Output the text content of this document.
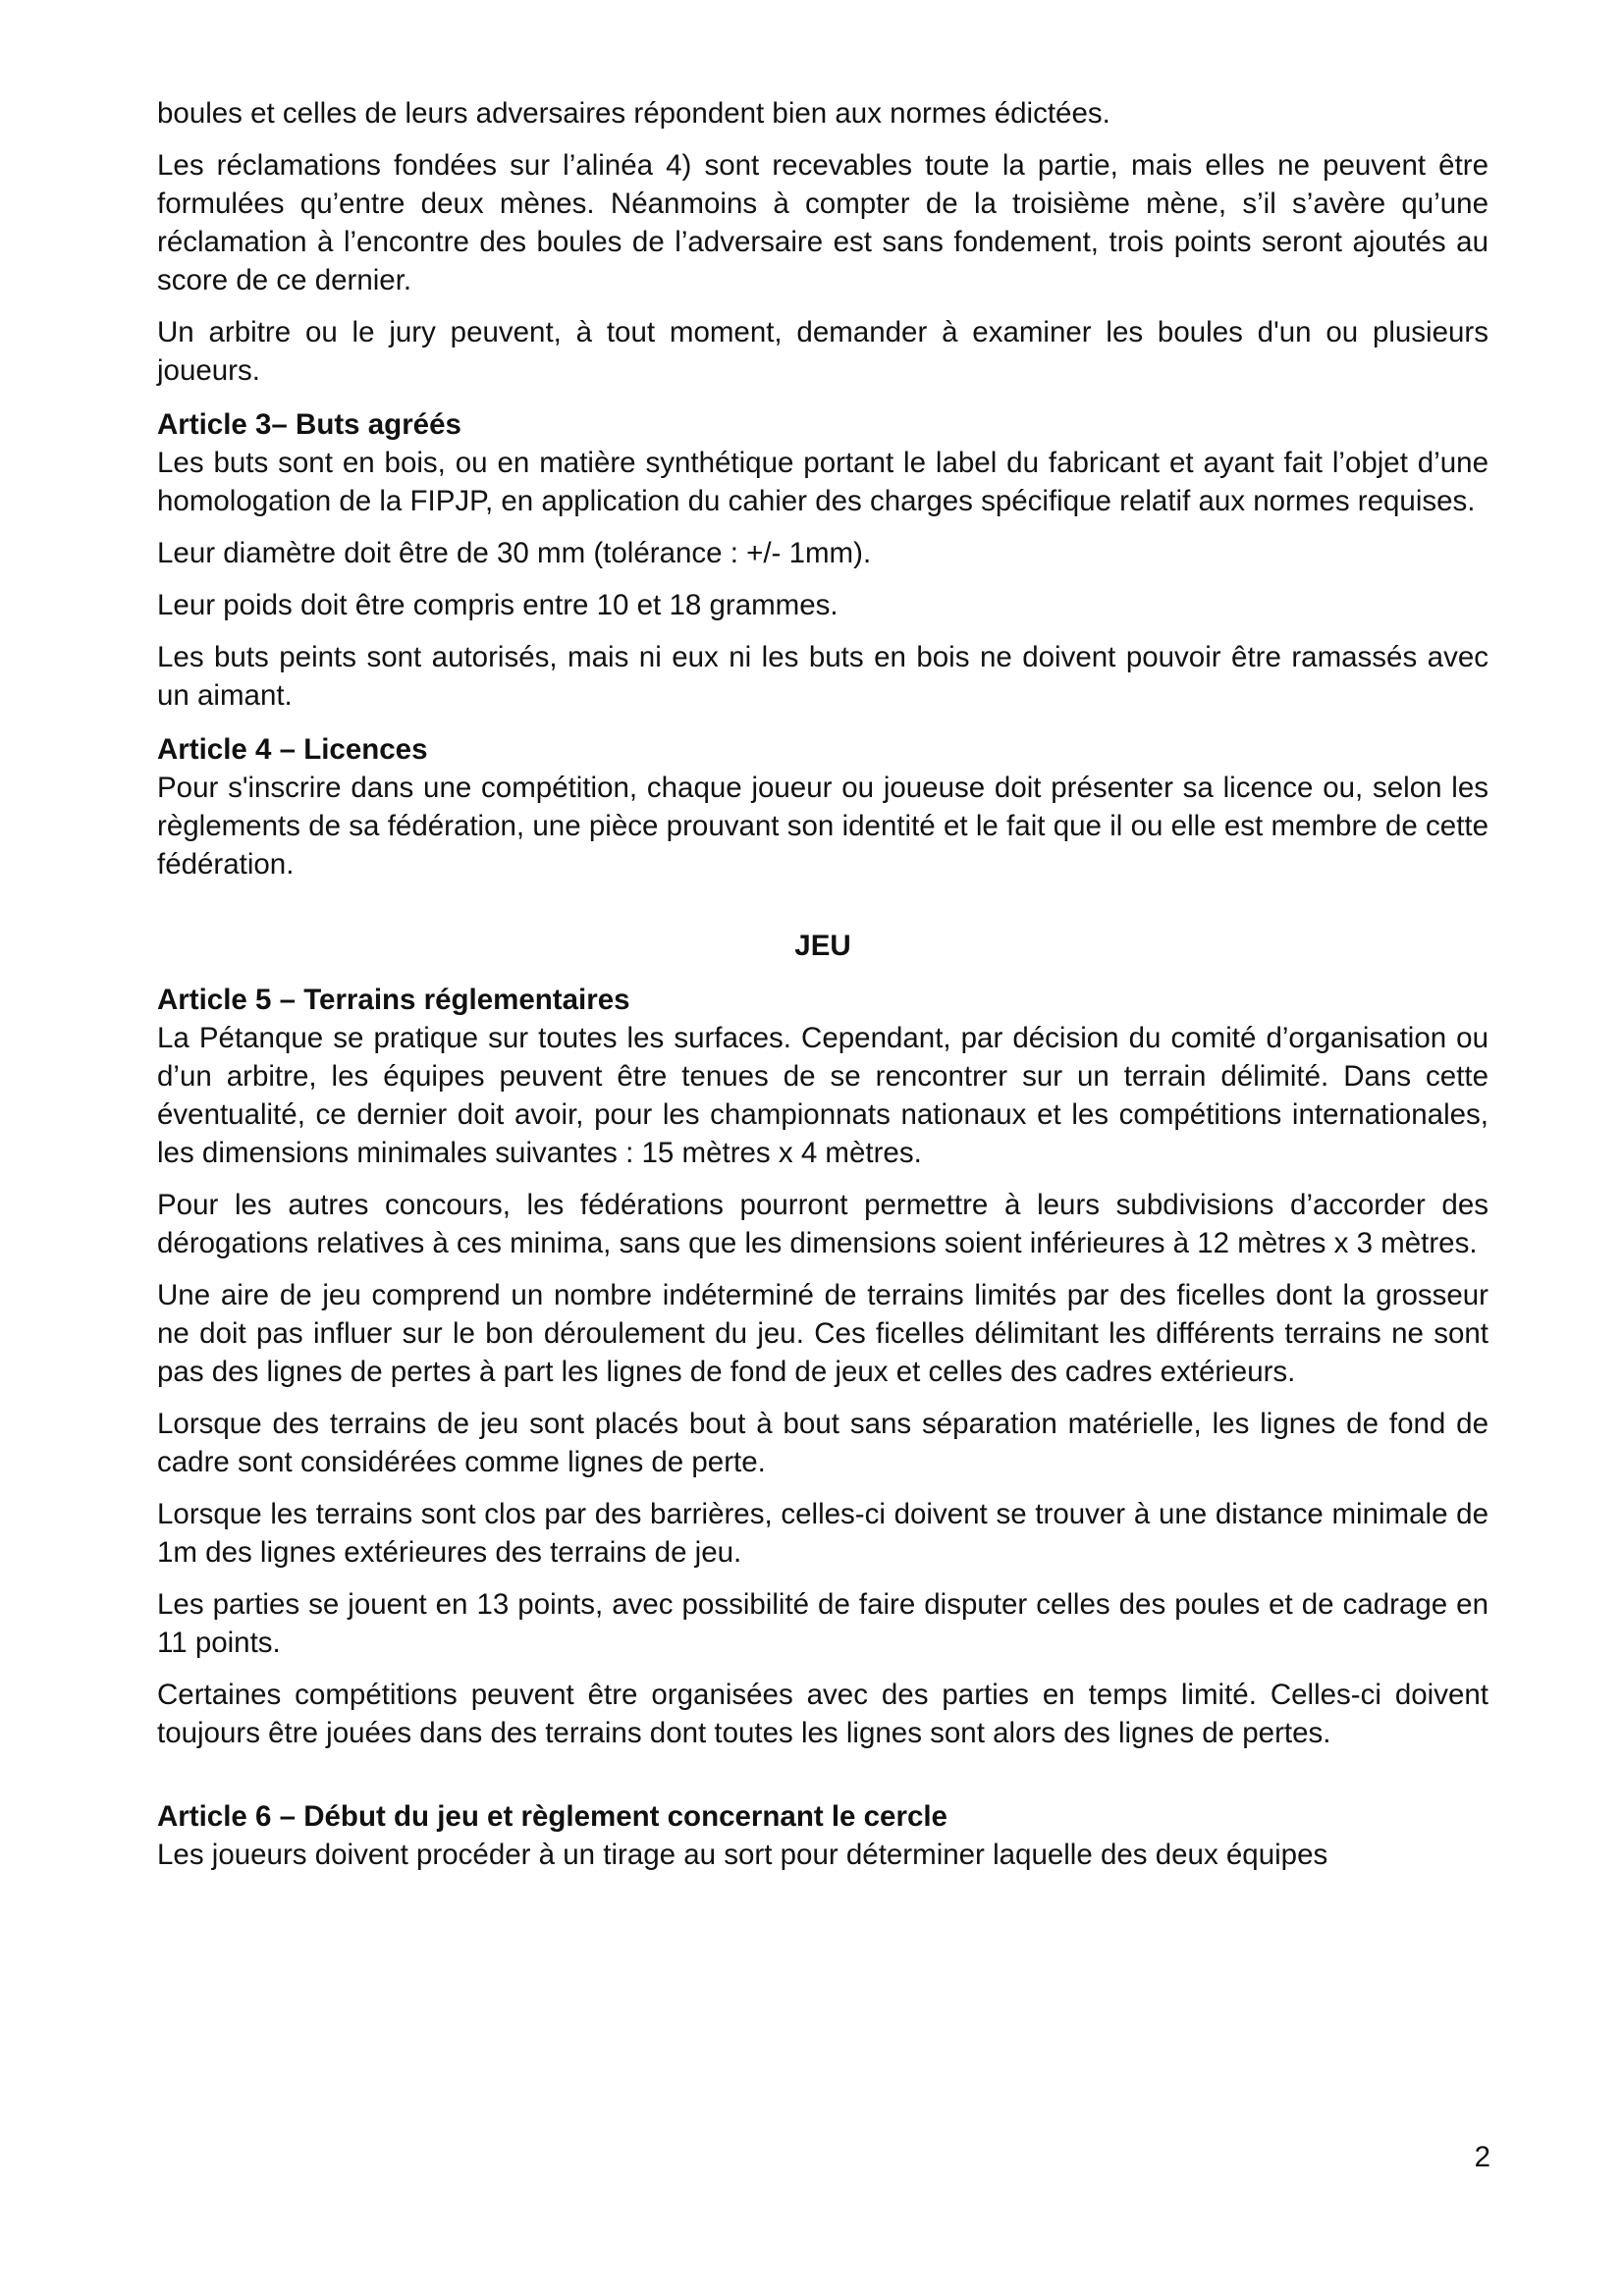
boules et celles de leurs adversaires répondent bien aux normes édictées.

Les réclamations fondées sur l’alinéa 4) sont recevables toute la partie, mais elles ne peuvent être formulées qu’entre deux mènes. Néanmoins à compter de la troisième mène, s’il s’avère qu’une réclamation à l’encontre des boules de l’adversaire est sans fondement, trois points seront ajoutés au score de ce dernier.

Un arbitre ou le jury peuvent, à tout moment, demander à examiner les boules d'un ou plusieurs joueurs.

Article 3– Buts agréés

Les buts sont en bois, ou en matière synthétique portant le label du fabricant et ayant fait l’objet d’une homologation de la FIPJP, en application du cahier des charges spécifique relatif aux normes requises.

Leur diamètre doit être de 30 mm (tolérance : +/- 1mm).

Leur poids doit être compris entre 10 et 18 grammes.

Les buts peints sont autorisés, mais ni eux ni les buts en bois ne doivent pouvoir être ramassés avec un aimant.

Article 4 – Licences

Pour s'inscrire dans une compétition, chaque joueur ou joueuse doit présenter sa licence ou, selon les règlements de sa fédération, une pièce prouvant son identité et le fait que il ou elle est membre de cette fédération.

JEU
Article 5 – Terrains réglementaires

La Pétanque se pratique sur toutes les surfaces. Cependant, par décision du comité d’organisation ou d’un arbitre, les équipes peuvent être tenues de se rencontrer sur un terrain délimité. Dans cette éventualité, ce dernier doit avoir, pour les championnats nationaux et les compétitions internationales, les dimensions minimales suivantes : 15 mètres x 4 mètres.

Pour les autres concours, les fédérations pourront permettre à leurs subdivisions d’accorder des dérogations relatives à ces minima, sans que les dimensions soient inférieures à 12 mètres x 3 mètres.

Une aire de jeu comprend un nombre indéterminé de terrains limités par des ficelles dont la grosseur ne doit pas influer sur le bon déroulement du jeu. Ces ficelles délimitant les différents terrains ne sont pas des lignes de pertes à part les lignes de fond de jeux et celles des cadres extérieurs.

Lorsque des terrains de jeu sont placés bout à bout sans séparation matérielle, les lignes de fond de cadre sont considérées comme lignes de perte.

Lorsque les terrains sont clos par des barrières, celles-ci doivent se trouver à une distance minimale de 1m des lignes extérieures des terrains de jeu.

Les parties se jouent en 13 points, avec possibilité de faire disputer celles des poules et de cadrage en 11 points.

Certaines compétitions peuvent être organisées avec des parties en temps limité. Celles-ci doivent toujours être jouées dans des terrains dont toutes les lignes sont alors des lignes de pertes.

Article 6 – Début du jeu et règlement concernant le cercle

Les joueurs doivent procéder à un tirage au sort pour déterminer laquelle des deux équipes

2
